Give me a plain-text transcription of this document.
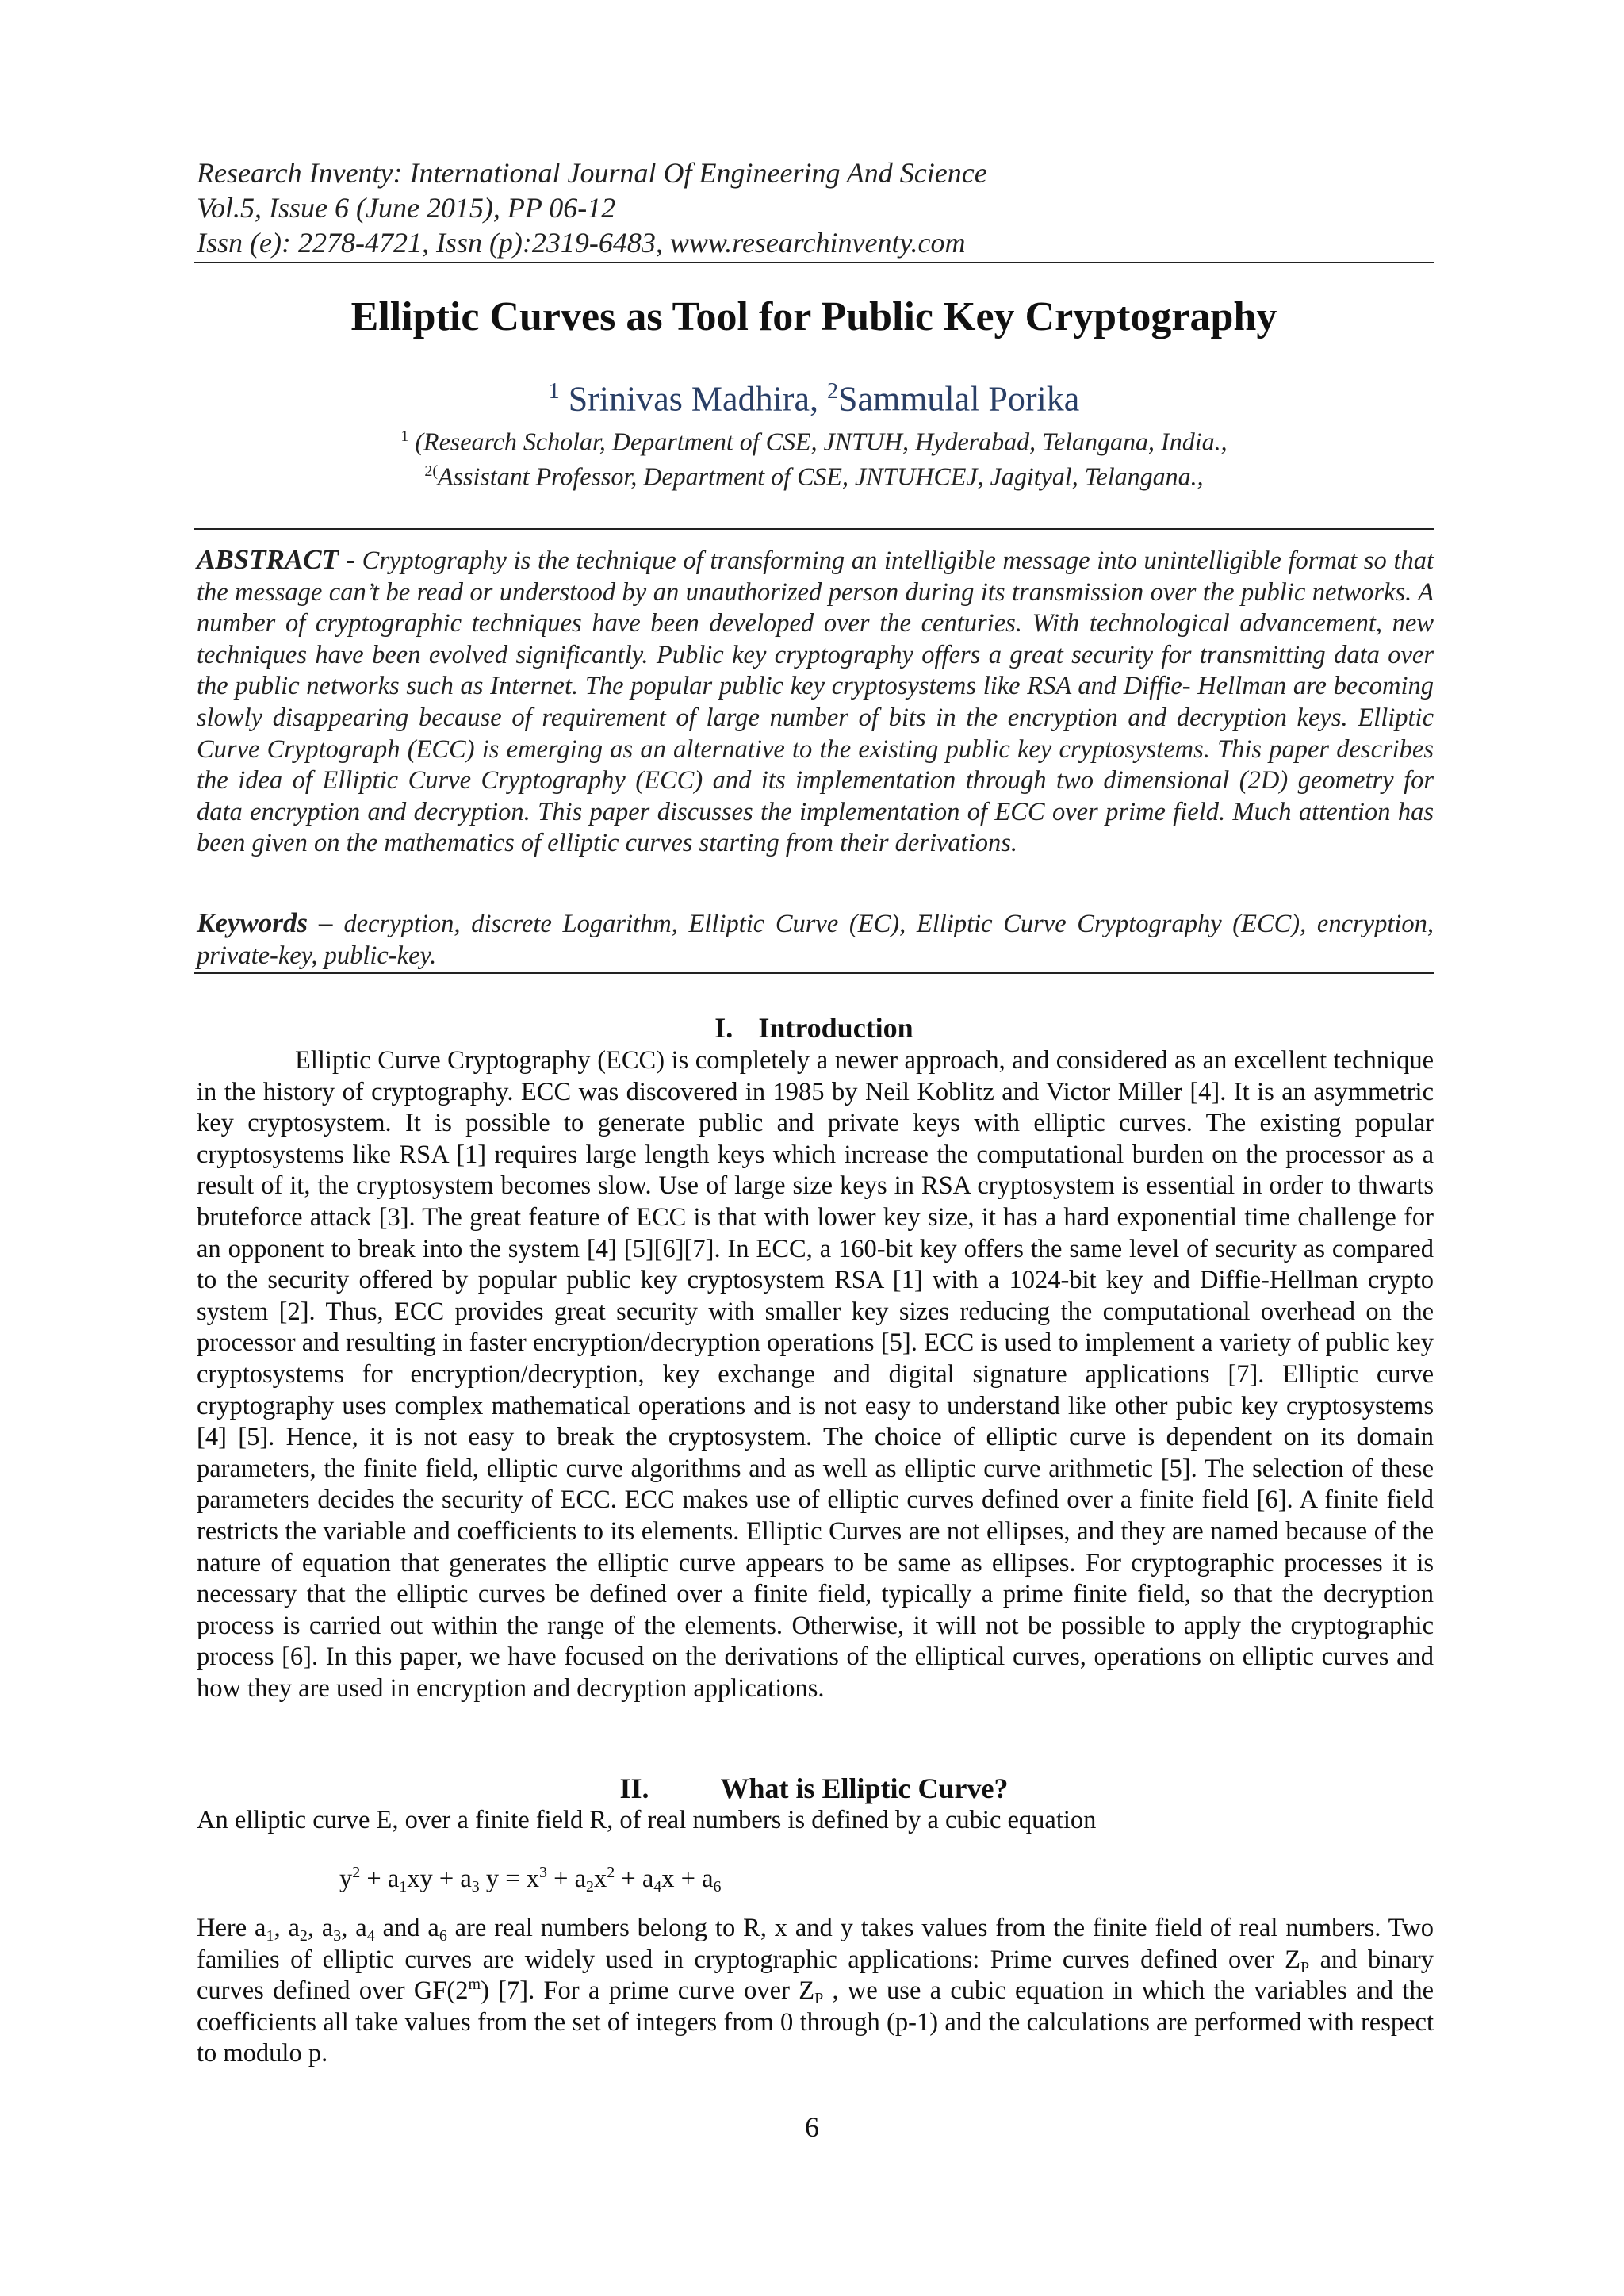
Research Inventy: International Journal Of Engineering And Science
Vol.5, Issue 6 (June 2015), PP 06-12
Issn (e): 2278-4721, Issn (p):2319-6483, www.researchinventy.com
Elliptic Curves as Tool for Public Key Cryptography
$^1$ Srinivas Madhira, $^2$Sammulal Porika
$^1$ (Research Scholar, Department of CSE, JNTUH, Hyderabad, Telangana, India.,
$^{2(}$Assistant Professor, Department of CSE, JNTUHCEJ, Jagityal, Telangana.,
ABSTRACT - Cryptography is the technique of transforming an intelligible message into unintelligible format so that the message can’t be read or understood by an unauthorized person during its transmission over the public networks. A number of cryptographic techniques have been developed over the centuries. With technological advancement, new techniques have been evolved significantly. Public key cryptography offers a great security for transmitting data over the public networks such as Internet. The popular public key cryptosystems like RSA and Diffie- Hellman are becoming slowly disappearing because of requirement of large number of bits in the encryption and decryption keys. Elliptic Curve Cryptograph (ECC) is emerging as an alternative to the existing public key cryptosystems. This paper describes the idea of Elliptic Curve Cryptography (ECC) and its implementation through two dimensional (2D) geometry for data encryption and decryption. This paper discusses the implementation of ECC over prime field. Much attention has been given on the mathematics of elliptic curves starting from their derivations.
Keywords – decryption, discrete Logarithm, Elliptic Curve (EC), Elliptic Curve Cryptography (ECC), encryption, private-key, public-key.
I. Introduction
Elliptic Curve Cryptography (ECC) is completely a newer approach, and considered as an excellent technique in the history of cryptography. ECC was discovered in 1985 by Neil Koblitz and Victor Miller [4]. It is an asymmetric key cryptosystem. It is possible to generate public and private keys with elliptic curves. The existing popular cryptosystems like RSA [1] requires large length keys which increase the computational burden on the processor as a result of it, the cryptosystem becomes slow. Use of large size keys in RSA cryptosystem is essential in order to thwarts bruteforce attack [3]. The great feature of ECC is that with lower key size, it has a hard exponential time challenge for an opponent to break into the system [4] [5][6][7]. In ECC, a 160-bit key offers the same level of security as compared to the security offered by popular public key cryptosystem RSA [1] with a 1024-bit key and Diffie-Hellman crypto system [2]. Thus, ECC provides great security with smaller key sizes reducing the computational overhead on the processor and resulting in faster encryption/decryption operations [5]. ECC is used to implement a variety of public key cryptosystems for encryption/decryption, key exchange and digital signature applications [7]. Elliptic curve cryptography uses complex mathematical operations and is not easy to understand like other pubic key cryptosystems [4] [5]. Hence, it is not easy to break the cryptosystem. The choice of elliptic curve is dependent on its domain parameters, the finite field, elliptic curve algorithms and as well as elliptic curve arithmetic [5]. The selection of these parameters decides the security of ECC. ECC makes use of elliptic curves defined over a finite field [6]. A finite field restricts the variable and coefficients to its elements. Elliptic Curves are not ellipses, and they are named because of the nature of equation that generates the elliptic curve appears to be same as ellipses. For cryptographic processes it is necessary that the elliptic curves be defined over a finite field, typically a prime finite field, so that the decryption process is carried out within the range of the elements. Otherwise, it will not be possible to apply the cryptographic process [6]. In this paper, we have focused on the derivations of the elliptical curves, operations on elliptic curves and how they are used in encryption and decryption applications.
II.	What is Elliptic Curve?
An elliptic curve E, over a finite field R, of real numbers is defined by a cubic equation
$y^2 + a_1xy + a_3$ $y = x^3 + a_2x^2 + a_4x + a_6$
Here $a_1$, $a_2$, $a_3$, $a_4$ and $a_6$ are real numbers belong to R, x and y takes values from the finite field of real numbers. Two families of elliptic curves are widely used in cryptographic applications: Prime curves defined over $Z_P$ and binary curves defined over GF(2$^m$) [7]. For a prime curve over $Z_P$ , we use a cubic equation in which the variables and the coefficients all take values from the set of integers from 0 through (p-1) and the calculations are performed with respect to modulo p.
6
